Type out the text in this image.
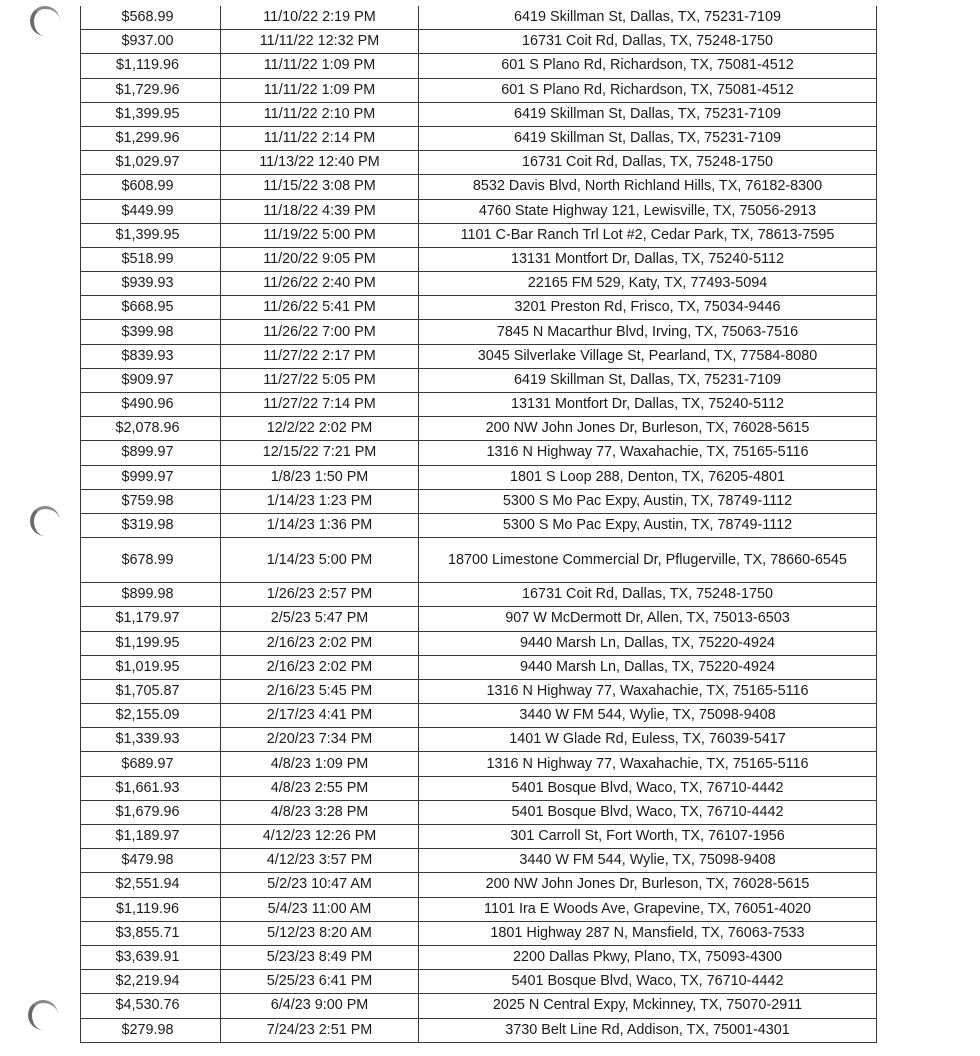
$568.99	11/10/22 2:19 PM	6419 Skillman St, Dallas, TX, 75231-7109
$937.00	11/11/22 12:32 PM	16731 Coit Rd, Dallas, TX, 75248-1750
$1,119.96	11/11/22 1:09 PM	601 S Plano Rd, Richardson, TX, 75081-4512
$1,729.96	11/11/22 1:09 PM	601 S Plano Rd, Richardson, TX, 75081-4512
$1,399.95	11/11/22 2:10 PM	6419 Skillman St, Dallas, TX, 75231-7109
$1,299.96	11/11/22 2:14 PM	6419 Skillman St, Dallas, TX, 75231-7109
$1,029.97	11/13/22 12:40 PM	16731 Coit Rd, Dallas, TX, 75248-1750
$608.99	11/15/22 3:08 PM	8532 Davis Blvd, North Richland Hills, TX, 76182-8300
$449.99	11/18/22 4:39 PM	4760 State Highway 121, Lewisville, TX, 75056-2913
$1,399.95	11/19/22 5:00 PM	1101 C-Bar Ranch Trl Lot #2, Cedar Park, TX, 78613-7595
$518.99	11/20/22 9:05 PM	13131 Montfort Dr, Dallas, TX, 75240-5112
$939.93	11/26/22 2:40 PM	22165 FM 529, Katy, TX, 77493-5094
$668.95	11/26/22 5:41 PM	3201 Preston Rd, Frisco, TX, 75034-9446
$399.98	11/26/22 7:00 PM	7845 N Macarthur Blvd, Irving, TX, 75063-7516
$839.93	11/27/22 2:17 PM	3045 Silverlake Village St, Pearland, TX, 77584-8080
$909.97	11/27/22 5:05 PM	6419 Skillman St, Dallas, TX, 75231-7109
$490.96	11/27/22 7:14 PM	13131 Montfort Dr, Dallas, TX, 75240-5112
$2,078.96	12/2/22 2:02 PM	200 NW John Jones Dr, Burleson, TX, 76028-5615
$899.97	12/15/22 7:21 PM	1316 N Highway 77, Waxahachie, TX, 75165-5116
$999.97	1/8/23 1:50 PM	1801 S Loop 288, Denton, TX, 76205-4801
$759.98	1/14/23 1:23 PM	5300 S Mo Pac Expy, Austin, TX, 78749-1112
$319.98	1/14/23 1:36 PM	5300 S Mo Pac Expy, Austin, TX, 78749-1112
$678.99	1/14/23 5:00 PM	18700 Limestone Commercial Dr, Pflugerville, TX, 78660-6545
$899.98	1/26/23 2:57 PM	16731 Coit Rd, Dallas, TX, 75248-1750
$1,179.97	2/5/23 5:47 PM	907 W McDermott Dr, Allen, TX, 75013-6503
$1,199.95	2/16/23 2:02 PM	9440 Marsh Ln, Dallas, TX, 75220-4924
$1,019.95	2/16/23 2:02 PM	9440 Marsh Ln, Dallas, TX, 75220-4924
$1,705.87	2/16/23 5:45 PM	1316 N Highway 77, Waxahachie, TX, 75165-5116
$2,155.09	2/17/23 4:41 PM	3440 W FM 544, Wylie, TX, 75098-9408
$1,339.93	2/20/23 7:34 PM	1401 W Glade Rd, Euless, TX, 76039-5417
$689.97	4/8/23 1:09 PM	1316 N Highway 77, Waxahachie, TX, 75165-5116
$1,661.93	4/8/23 2:55 PM	5401 Bosque Blvd, Waco, TX, 76710-4442
$1,679.96	4/8/23 3:28 PM	5401 Bosque Blvd, Waco, TX, 76710-4442
$1,189.97	4/12/23 12:26 PM	301 Carroll St, Fort Worth, TX, 76107-1956
$479.98	4/12/23 3:57 PM	3440 W FM 544, Wylie, TX, 75098-9408
$2,551.94	5/2/23 10:47 AM	200 NW John Jones Dr, Burleson, TX, 76028-5615
$1,119.96	5/4/23 11:00 AM	1101 Ira E Woods Ave, Grapevine, TX, 76051-4020
$3,855.71	5/12/23 8:20 AM	1801 Highway 287 N, Mansfield, TX, 76063-7533
$3,639.91	5/23/23 8:49 PM	2200 Dallas Pkwy, Plano, TX, 75093-4300
$2,219.94	5/25/23 6:41 PM	5401 Bosque Blvd, Waco, TX, 76710-4442
$4,530.76	6/4/23 9:00 PM	2025 N Central Expy, Mckinney, TX, 75070-2911
$279.98	7/24/23 2:51 PM	3730 Belt Line Rd, Addison, TX, 75001-4301
